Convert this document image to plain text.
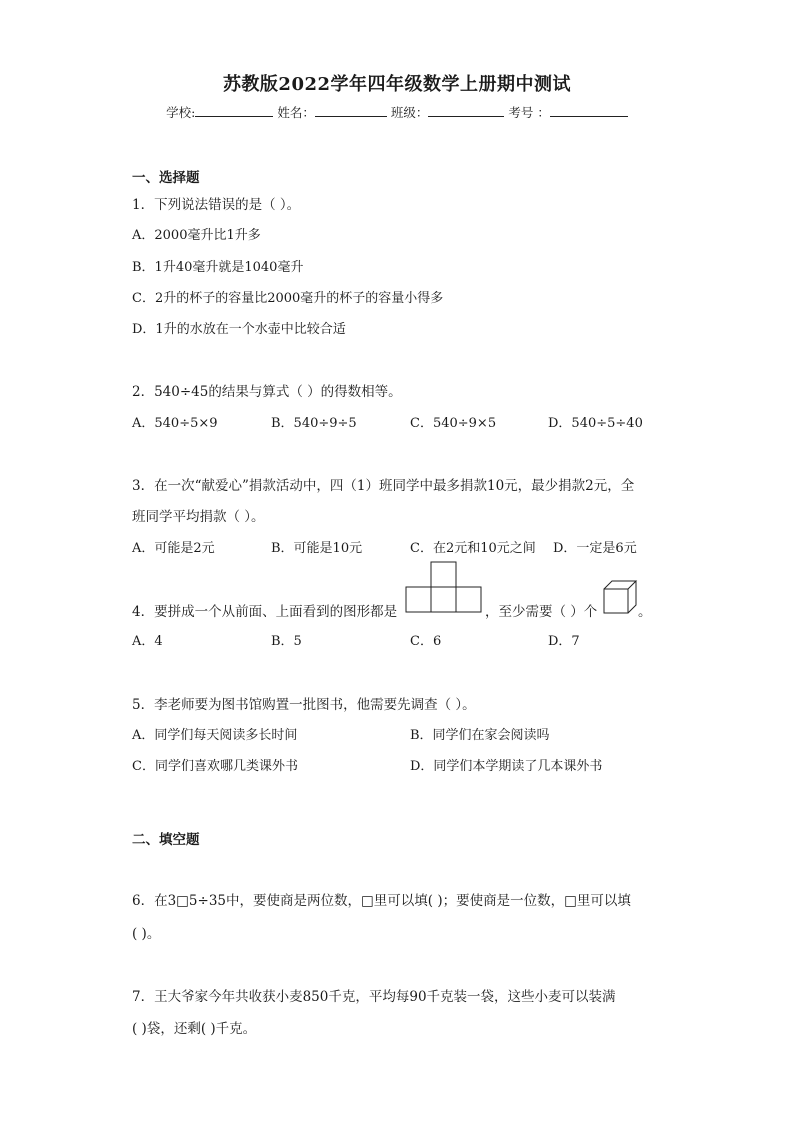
苏教版2022学年四年级数学上册期中测试
学校:	姓名：	班级：	考号 ：
一、选择题
1．下列说法错误的是（ ）。
A．2000毫升比1升多
B．1升40毫升就是1040毫升
C．2升的杯子的容量比2000毫升的杯子的容量小得多
D．1升的水放在一个水壶中比较合适
2．540÷45的结果与算式（ ）的得数相等。
A．540÷5×9	B．540÷9÷5	C．540÷9×5	D．540÷5÷40
3．在一次“献爱心”捐款活动中，四（1）班同学中最多捐款10元，最少捐款2元，全
班同学平均捐款（ ）。
A．可能是2元	B．可能是10元	C．在2元和10元之间 D．一定是6元
4．要拼成一个从前面、上面看到的图形都是	，至少需要（ ）个	。
A．4	B．5	C．6	D．7
5．李老师要为图书馆购置一批图书，他需要先调查（ ）。
A．同学们每天阅读多长时间	B．同学们在家会阅读吗
C．同学们喜欢哪几类课外书	D．同学们本学期读了几本课外书
二、填空题
6．在3□5÷35中，要使商是两位数，□里可以填( )；要使商是一位数，□里可以填
( )。
7．王大爷家今年共收获小麦850千克，平均每90千克装一袋，这些小麦可以装满
( )袋，还剩( )千克。
